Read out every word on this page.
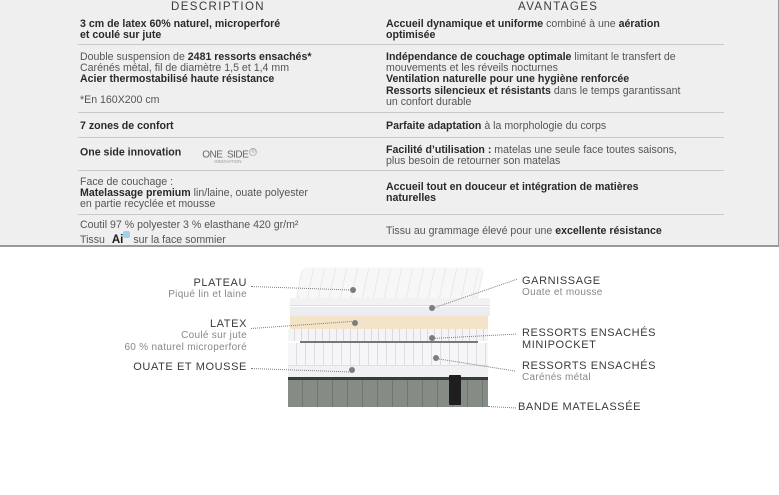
DESCRIPTION	AVANTAGES
3 cm de latex 60% naturel, microperforé
et coulé sur jute
Accueil dynamique et uniforme combiné à une aération
optimisée
Double suspension de 2481 ressorts ensachés*
Carénés métal, fil de diamètre 1,5 et 1,4 mm
Acier thermostabilisé haute résistance
*En 160X200 cm
Indépendance de couchage optimale limitant le transfert de
mouvements et les réveils nocturnes
Ventilation naturelle pour une hygiène renforcée
Ressorts silencieux et résistants dans le temps garantissant
un confort durable
7 zones de confort	Parfaite adaptation à la morphologie du corps
One side innovation ONE SIDE ®
INNOVATION
Facilité d’utilisation : matelas une seule face toutes saisons,
plus besoin de retourner son matelas
Face de couchage :
Matelassage premium lin/laine, ouate polyester
en partie recyclée et mousse
Accueil tout en douceur et intégration de matières
naturelles
Coutil 97 % polyester 3 % elasthane 420 gr/m²
Tissu Ai sur la face sommier
Tissu au grammage élevé pour une excellente résistance
PLATEAU
Piqué lin et laine
LATEX
Coulé sur jute
60 % naturel microperforé
OUATE ET MOUSSE
GARNISSAGE
Ouate et mousse
RESSORTS ENSACHÉS
MINIPOCKET
RESSORTS ENSACHÉS
Carénés métal
BANDE MATELASSÉE
